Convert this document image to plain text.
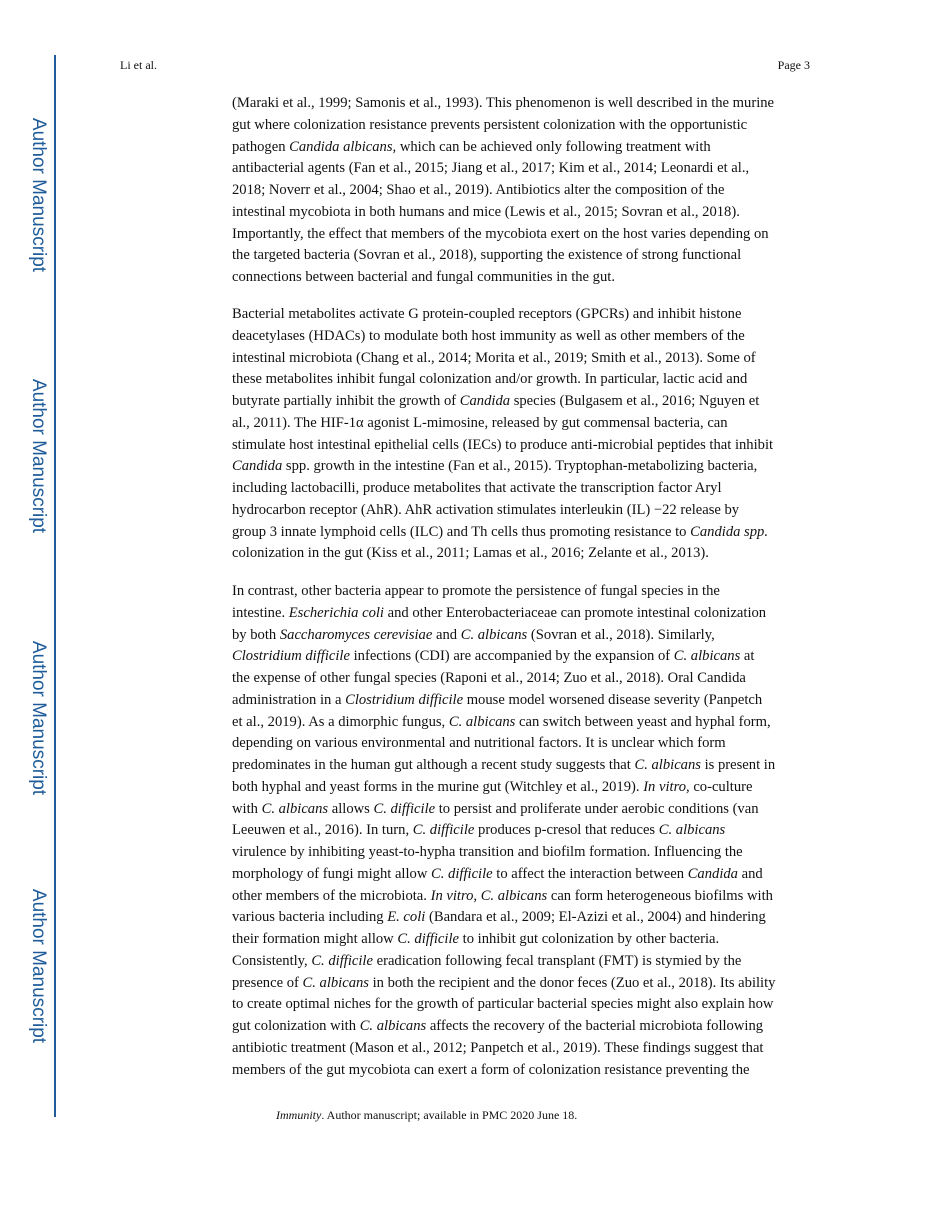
Author Manuscript
Author Manuscript
Author Manuscript
Author Manuscript
Li et al.	Page 3
(Maraki et al., 1999; Samonis et al., 1993). This phenomenon is well described in the murine
gut where colonization resistance prevents persistent colonization with the opportunistic
pathogen Candida albicans, which can be achieved only following treatment with
antibacterial agents (Fan et al., 2015; Jiang et al., 2017; Kim et al., 2014; Leonardi et al.,
2018; Noverr et al., 2004; Shao et al., 2019). Antibiotics alter the composition of the
intestinal mycobiota in both humans and mice (Lewis et al., 2015; Sovran et al., 2018).
Importantly, the effect that members of the mycobiota exert on the host varies depending on
the targeted bacteria (Sovran et al., 2018), supporting the existence of strong functional
connections between bacterial and fungal communities in the gut.
Bacterial metabolites activate G protein-coupled receptors (GPCRs) and inhibit histone
deacetylases (HDACs) to modulate both host immunity as well as other members of the
intestinal microbiota (Chang et al., 2014; Morita et al., 2019; Smith et al., 2013). Some of
these metabolites inhibit fungal colonization and/or growth. In particular, lactic acid and
butyrate partially inhibit the growth of Candida species (Bulgasem et al., 2016; Nguyen et
al., 2011). The HIF-1α agonist L-mimosine, released by gut commensal bacteria, can
stimulate host intestinal epithelial cells (IECs) to produce anti-microbial peptides that inhibit
Candida spp. growth in the intestine (Fan et al., 2015). Tryptophan-metabolizing bacteria,
including lactobacilli, produce metabolites that activate the transcription factor Aryl
hydrocarbon receptor (AhR). AhR activation stimulates interleukin (IL) −22 release by
group 3 innate lymphoid cells (ILC) and Th cells thus promoting resistance to Candida spp.
colonization in the gut (Kiss et al., 2011; Lamas et al., 2016; Zelante et al., 2013).
In contrast, other bacteria appear to promote the persistence of fungal species in the
intestine. Escherichia coli and other Enterobacteriaceae can promote intestinal colonization
by both Saccharomyces cerevisiae and C. albicans (Sovran et al., 2018). Similarly,
Clostridium difficile infections (CDI) are accompanied by the expansion of C. albicans at
the expense of other fungal species (Raponi et al., 2014; Zuo et al., 2018). Oral Candida
administration in a Clostridium difficile mouse model worsened disease severity (Panpetch
et al., 2019). As a dimorphic fungus, C. albicans can switch between yeast and hyphal form,
depending on various environmental and nutritional factors. It is unclear which form
predominates in the human gut although a recent study suggests that C. albicans is present in
both hyphal and yeast forms in the murine gut (Witchley et al., 2019). In vitro, co-culture
with C. albicans allows C. difficile to persist and proliferate under aerobic conditions (van
Leeuwen et al., 2016). In turn, C. difficile produces p-cresol that reduces C. albicans
virulence by inhibiting yeast-to-hypha transition and biofilm formation. Influencing the
morphology of fungi might allow C. difficile to affect the interaction between Candida and
other members of the microbiota. In vitro, C. albicans can form heterogeneous biofilms with
various bacteria including E. coli (Bandara et al., 2009; El-Azizi et al., 2004) and hindering
their formation might allow C. difficile to inhibit gut colonization by other bacteria.
Consistently, C. difficile eradication following fecal transplant (FMT) is stymied by the
presence of C. albicans in both the recipient and the donor feces (Zuo et al., 2018). Its ability
to create optimal niches for the growth of particular bacterial species might also explain how
gut colonization with C. albicans affects the recovery of the bacterial microbiota following
antibiotic treatment (Mason et al., 2012; Panpetch et al., 2019). These findings suggest that
members of the gut mycobiota can exert a form of colonization resistance preventing the
Immunity. Author manuscript; available in PMC 2020 June 18.
